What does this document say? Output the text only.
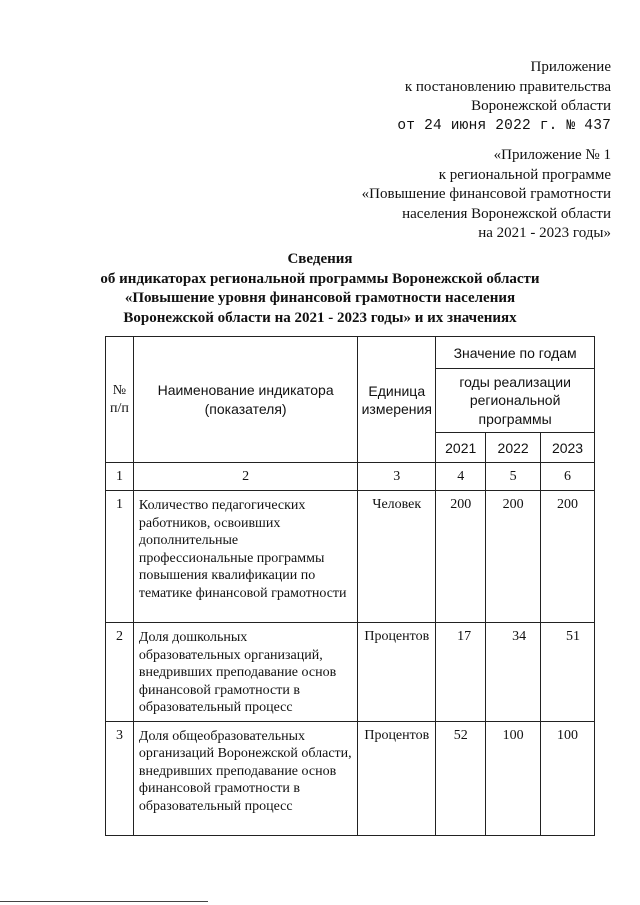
Приложение
к постановлению правительства
Воронежской области
от 24 июня 2022 г. № 437
«Приложение № 1
к региональной программе
«Повышение финансовой грамотности
населения Воронежской области
на 2021 - 2023 годы»
Сведения
об индикаторах региональной программы Воронежской области
«Повышение уровня финансовой грамотности населения
Воронежской области на 2021 - 2023 годы» и их значениях
№ п/п	Наименование индикатора (показателя)	Единица измерения	Значение по годам		
			годы реализации региональной программы		
			2021	2022	2023
1	2	3	4	5	6
1	Количество педагогических работников, освоивших дополнительные профессиональные программы повышения квалификации по тематике финансовой грамотности	Человек	200	200	200
2	Доля дошкольных образовательных организаций, внедривших преподавание основ финансовой грамотности в образовательный процесс	Процентов	17	34	51
3	Доля общеобразовательных организаций Воронежской области, внедривших преподавание основ финансовой грамотности в образовательный процесс	Процентов	52	100	100
